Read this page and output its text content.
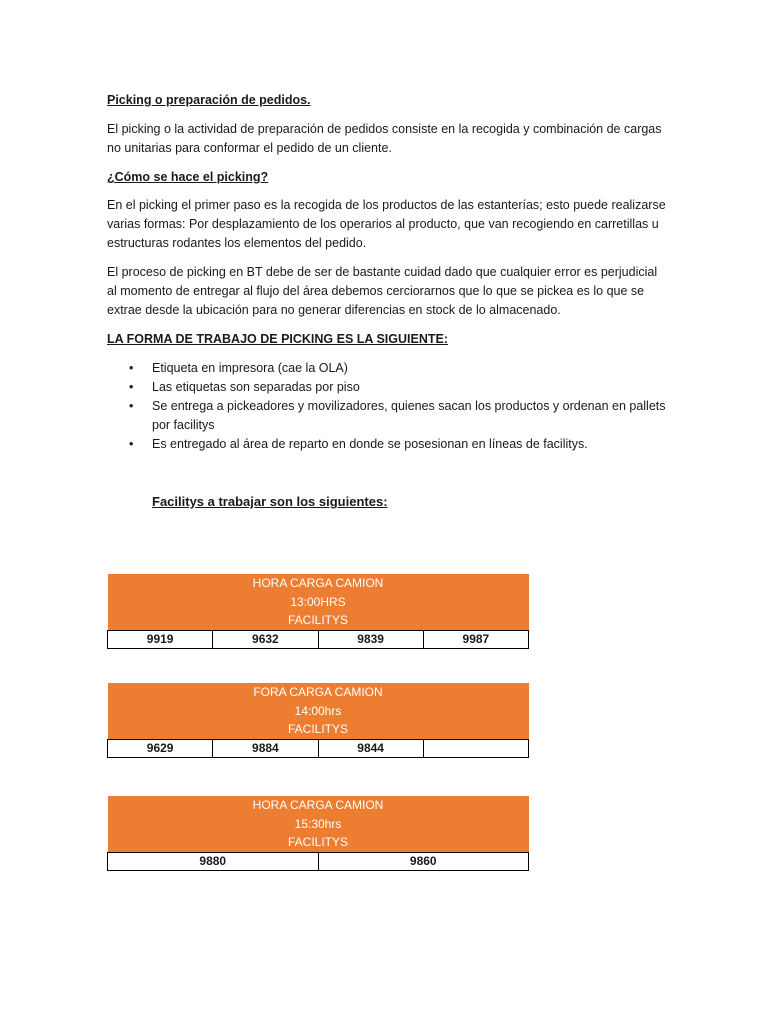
Picking o preparación de pedidos.

El picking o la actividad de preparación de pedidos consiste en la recogida y combinación de cargas no unitarias para conformar el pedido de un cliente.

¿Cómo se hace el picking?

En el picking el primer paso es la recogida de los productos de las estanterías; esto puede realizarse varias formas: Por desplazamiento de los operarios al producto, que van recogiendo en carretillas u estructuras rodantes los elementos del pedido.

El proceso de picking en BT debe de ser de bastante cuidad dado que cualquier error es perjudicial al momento de entregar al flujo del área debemos cerciorarnos que lo que se pickea es lo que se extrae desde la ubicación para no generar diferencias en stock de lo almacenado.

LA FORMA DE TRABAJO DE PICKING ES LA SIGUIENTE:

• Etiqueta en impresora (cae la OLA)
• Las etiquetas son separadas por piso
• Se entrega a pickeadores y movilizadores, quienes sacan los productos y ordenan en pallets por facilitys
• Es entregado al área de reparto en donde se posesionan en líneas de facilitys.
Facilitys a trabajar son los siguientes:
HORA CARGA CAMION
13:00HRS
FACILITYS
9919	9632	9839	9987
FORA CARGA CAMION
14:00hrs
FACILITYS
9629	9884	9844	
HORA CARGA CAMION
15:30hrs
FACILITYS
9880	9860
